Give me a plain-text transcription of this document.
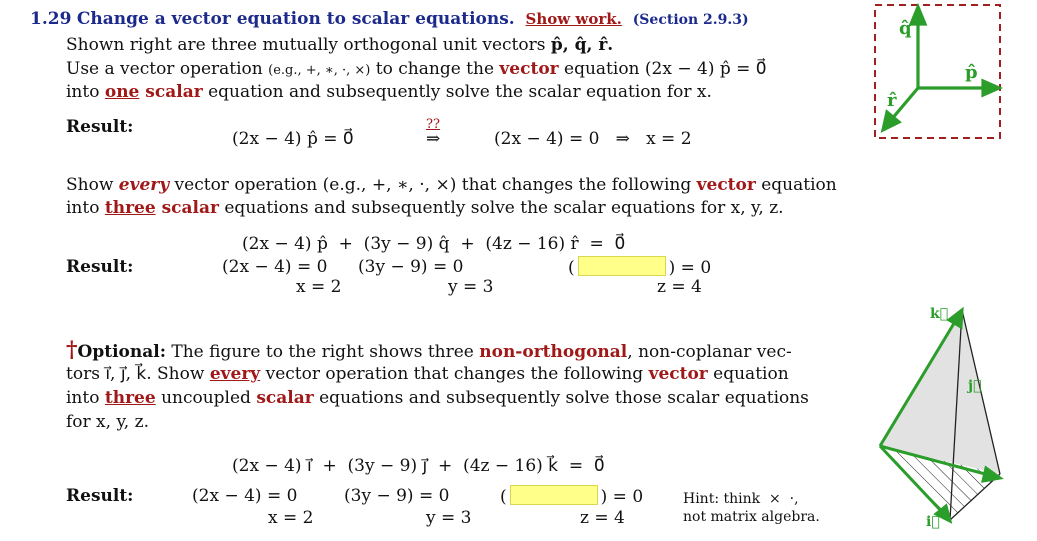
1.29 Change a vector equation to scalar equations. Show work. (Section 2.9.3)
Shown right are three mutually orthogonal unit vectors p̂, q̂, r̂.
Use a vector operation (e.g., +, ∗, ·, ×) to change the vector equation (2x − 4) p̂ = 0⃗
into one scalar equation and subsequently solve the scalar equation for x.
Result:
(2x − 4) p̂ = 0⃗
??
⇒	(2x − 4) = 0   ⇒   x = 2
q̂
p̂
r̂
Show every vector operation (e.g., +, ∗, ·, ×) that changes the following vector equation
into three scalar equations and subsequently solve the scalar equations for x, y, z.
(2x − 4) p̂  +  (3y − 9) q̂  +  (4z − 16) r̂  =  0⃗
Result:	(2x − 4) = 0 (3y − 9) = 0	(	) = 0
x = 2	y = 3	z = 4
†Optional: The figure to the right shows three non-orthogonal, non-coplanar vec-
tors i⃗, j⃗, k⃗. Show every vector operation that changes the following vector equation
into three uncoupled scalar equations and subsequently solve those scalar equations
for x, y, z.
(2x − 4) i⃗  +  (3y − 9) j⃗  +  (4z − 16) k⃗  =  0⃗
Result:	(2x − 4) = 0	(3y − 9) = 0	(	) = 0
x = 2	y = 3	z = 4
Hint: think  ×  ·,
not matrix algebra.
k⃗
j⃗
i⃗
